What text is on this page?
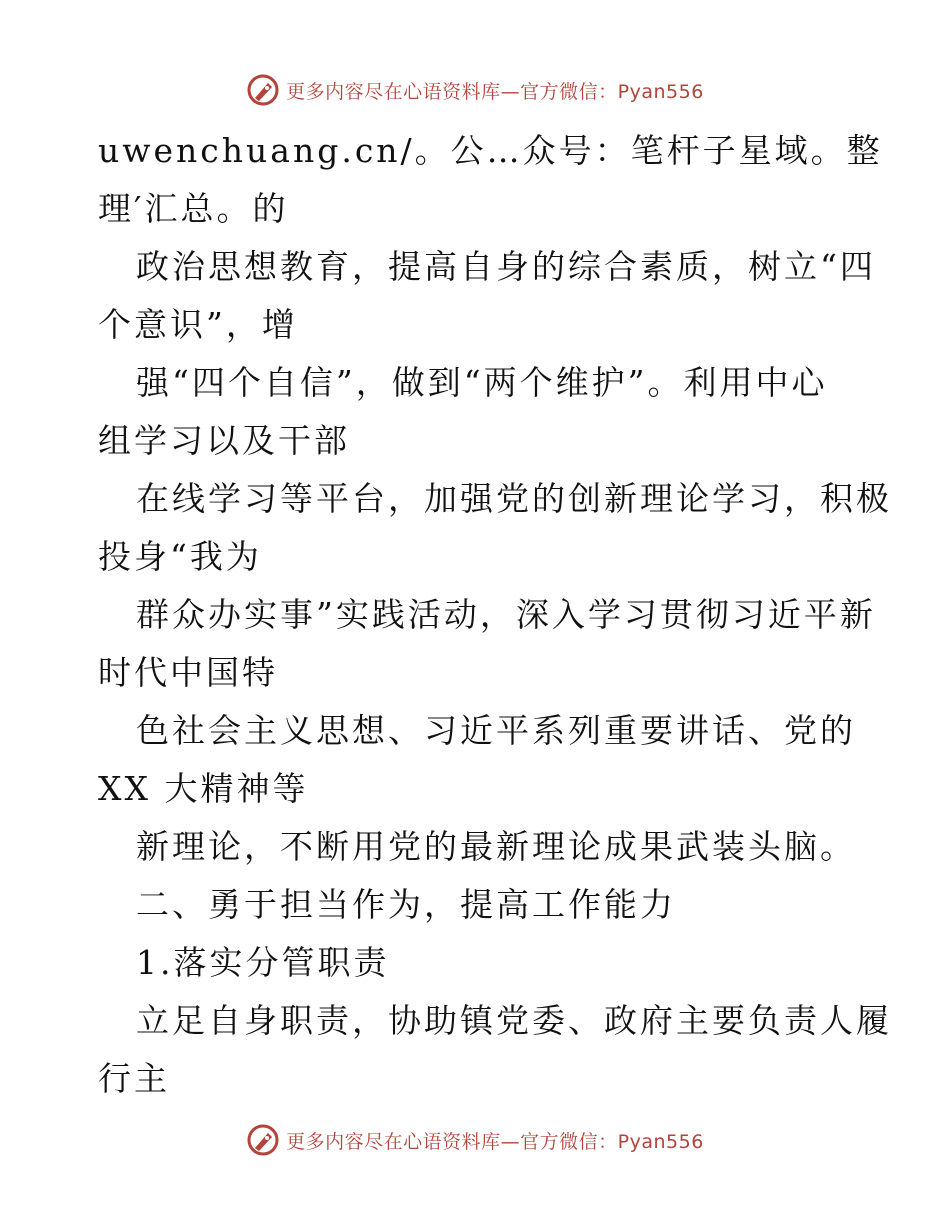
更多内容尽在心语资料库—官方微信：Pyan556
uwenchuang.cn/。公…众号：笔杆子星域。整
理′汇总。的
政治思想教育，提高自身的综合素质，树立“四
个意识”，增
强“四个自信”，做到“两个维护”。利用中心
组学习以及干部
在线学习等平台，加强党的创新理论学习，积极
投身“我为
群众办实事”实践活动，深入学习贯彻习近平新
时代中国特
色社会主义思想、习近平系列重要讲话、党的
XX 大精神等
新理论，不断用党的最新理论成果武装头脑。
二、勇于担当作为，提高工作能力
1.落实分管职责
立足自身职责，协助镇党委、政府主要负责人履
行主
更多内容尽在心语资料库—官方微信：Pyan556
